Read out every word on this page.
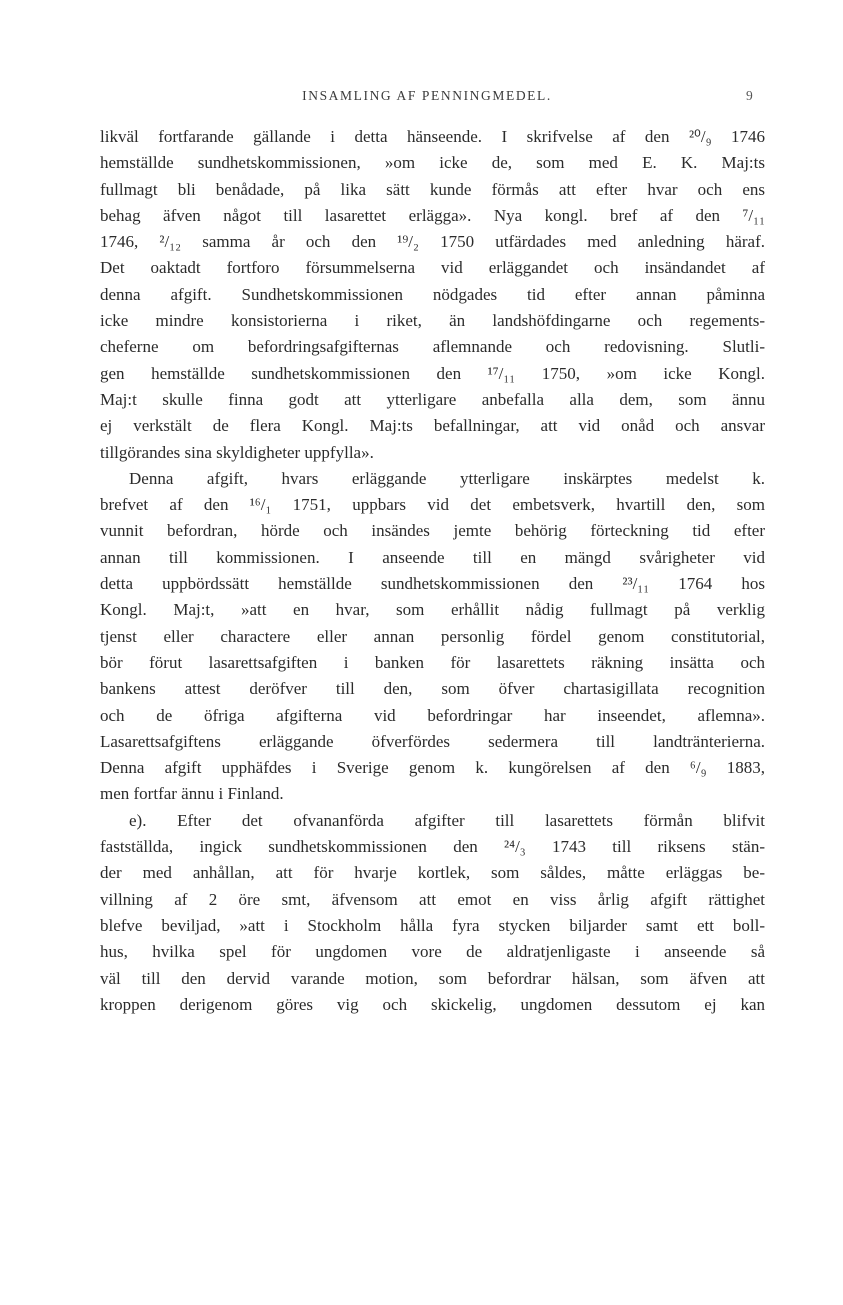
INSAMLING AF PENNINGMEDEL.	9
likväl fortfarande gällande i detta hänseende. I skrifvelse af den ²⁰/₉ 1746
hemställde sundhetskommissionen, »om icke de, som med E. K. Maj:ts
fullmagt bli benådade, på lika sätt kunde förmås att efter hvar och ens
behag äfven något till lasarettet erlägga». Nya kongl. bref af den ⁷/₁₁
1746, ²/₁₂ samma år och den ¹⁹/₂ 1750 utfärdades med anledning häraf.
Det oaktadt fortforo försummelserna vid erläggandet och insändandet af
denna afgift. Sundhetskommissionen nödgades tid efter annan påminna
icke mindre konsistorierna i riket, än landshöfdingarne och regements-
cheferne om befordringsafgifternas aflemnande och redovisning. Slutli-
gen hemställde sundhetskommissionen den ¹⁷/₁₁ 1750, »om icke Kongl.
Maj:t skulle finna godt att ytterligare anbefalla alla dem, som ännu
ej verkstält de flera Kongl. Maj:ts befallningar, att vid onåd och ansvar
tillgörandes sina skyldigheter uppfylla».
Denna afgift, hvars erläggande ytterligare inskärptes medelst k.
brefvet af den ¹⁶/₁ 1751, uppbars vid det embetsverk, hvartill den, som
vunnit befordran, hörde och insändes jemte behörig förteckning tid efter
annan till kommissionen. I anseende till en mängd svårigheter vid
detta uppbördssätt hemställde sundhetskommissionen den ²³/₁₁ 1764 hos
Kongl. Maj:t, »att en hvar, som erhållit nådig fullmagt på verklig
tjenst eller charactere eller annan personlig fördel genom constitutorial,
bör förut lasarettsafgiften i banken för lasarettets räkning insätta och
bankens attest deröfver till den, som öfver chartasigillata recognition
och de öfriga afgifterna vid befordringar har inseendet, aflemna».
Lasarettsafgiftens erläggande öfverfördes sedermera till landtränterierna.
Denna afgift upphäfdes i Sverige genom k. kungörelsen af den ⁶/₉ 1883,
men fortfar ännu i Finland.
e). Efter det ofvananförda afgifter till lasarettets förmån blifvit
fastställda, ingick sundhetskommissionen den ²⁴/₃ 1743 till riksens stän-
der med anhållan, att för hvarje kortlek, som såldes, måtte erläggas be-
villning af 2 öre smt, äfvensom att emot en viss årlig afgift rättighet
blefve beviljad, »att i Stockholm hålla fyra stycken biljarder samt ett boll-
hus, hvilka spel för ungdomen vore de aldratjenligaste i anseende så
väl till den dervid varande motion, som befordrar hälsan, som äfven att
kroppen derigenom göres vig och skickelig, ungdomen dessutom ej kan
